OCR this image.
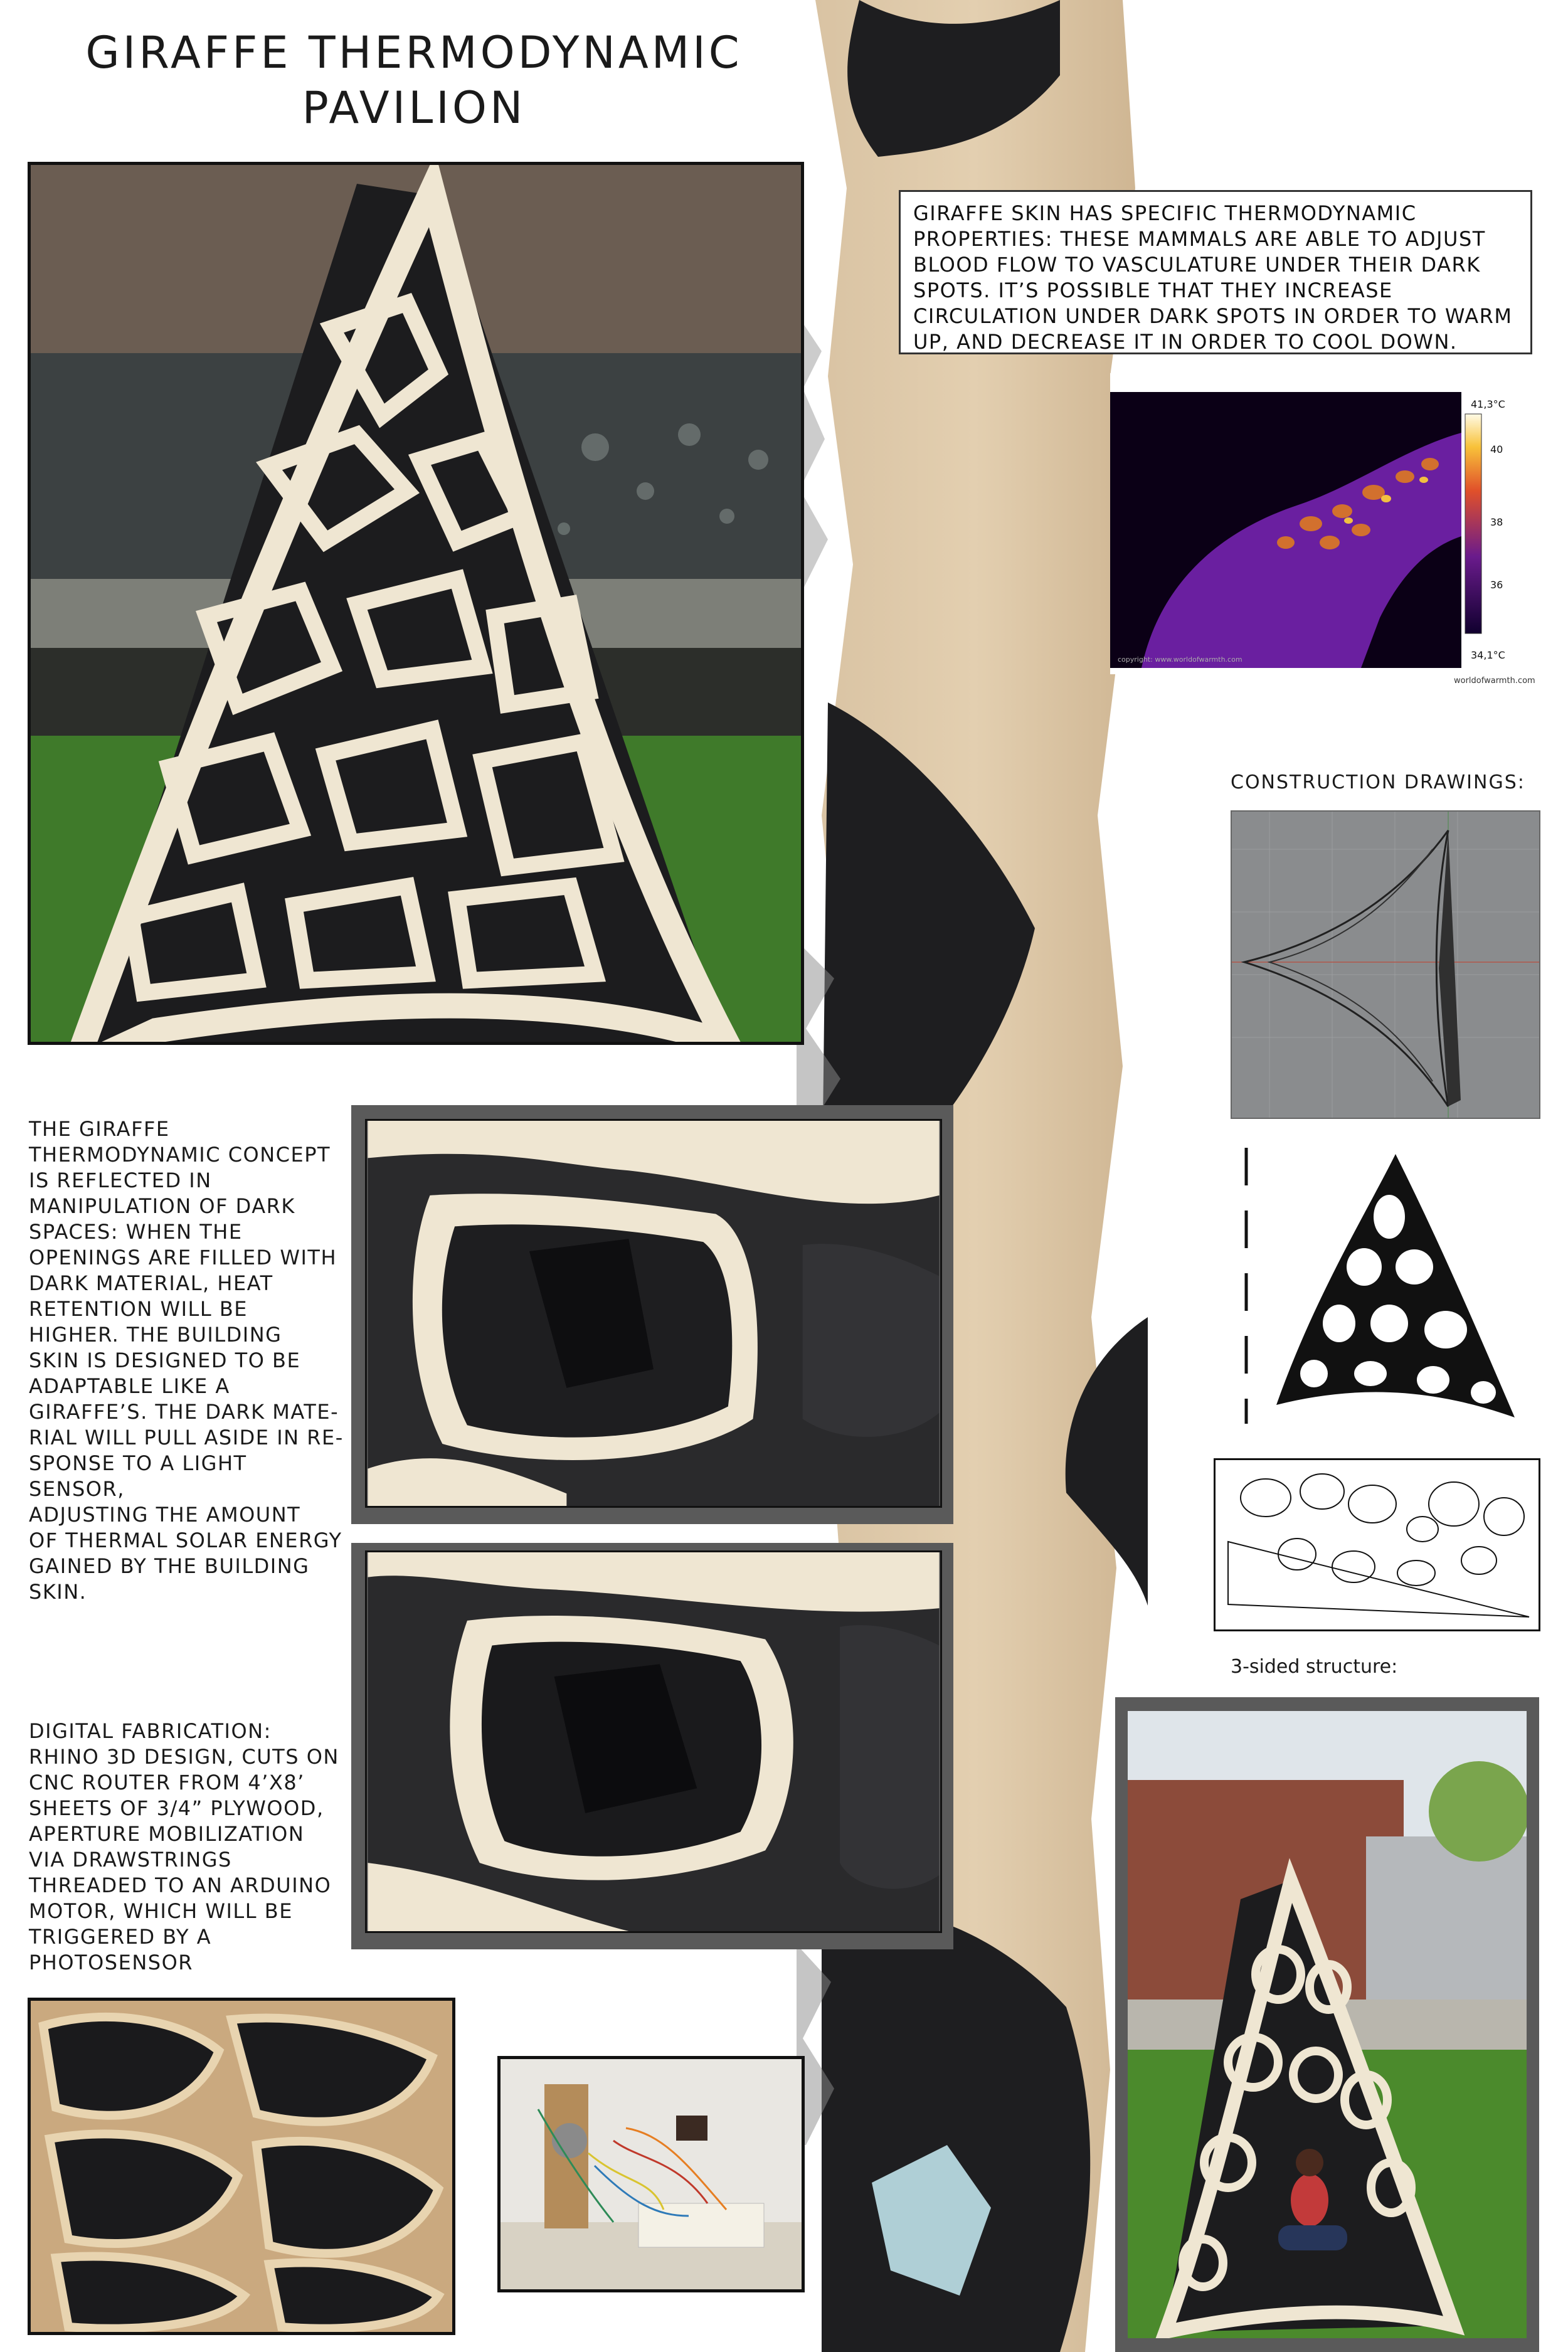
GIRAFFE THERMODYNAMIC
PAVILION
GIRAFFE SKIN HAS SPECIFIC THERMODYNAMIC PROPERTIES: THESE MAMMALS ARE ABLE TO ADJUST BLOOD FLOW TO VASCULATURE UNDER THEIR DARK SPOTS. IT’S POSSIBLE THAT THEY INCREASE CIRCULATION UNDER DARK SPOTS IN ORDER TO WARM UP, AND DECREASE IT IN ORDER TO COOL DOWN.
41,3°C
40
38
36
34,1°C
copyright: www.worldofwarmth.com
worldofwarmth.com
CONSTRUCTION DRAWINGS:
3-sided structure:
THE GIRAFFE
THERMODYNAMIC CONCEPT
IS REFLECTED IN
MANIPULATION OF DARK
SPACES: WHEN THE
OPENINGS ARE FILLED WITH
DARK MATERIAL, HEAT
RETENTION WILL BE
HIGHER. THE BUILDING
SKIN IS DESIGNED TO BE
ADAPTABLE LIKE A
GIRAFFE’S. THE DARK MATE-
RIAL WILL PULL ASIDE IN RE-
SPONSE TO A LIGHT SENSOR,
ADJUSTING THE AMOUNT
OF THERMAL SOLAR ENERGY
GAINED BY THE BUILDING
SKIN.
DIGITAL FABRICATION:
RHINO 3D DESIGN, CUTS ON
CNC ROUTER FROM 4’X8’
SHEETS OF 3/4” PLYWOOD,
APERTURE MOBILIZATION
VIA DRAWSTRINGS
THREADED TO AN ARDUINO
MOTOR, WHICH WILL BE
TRIGGERED BY A
PHOTOSENSOR
